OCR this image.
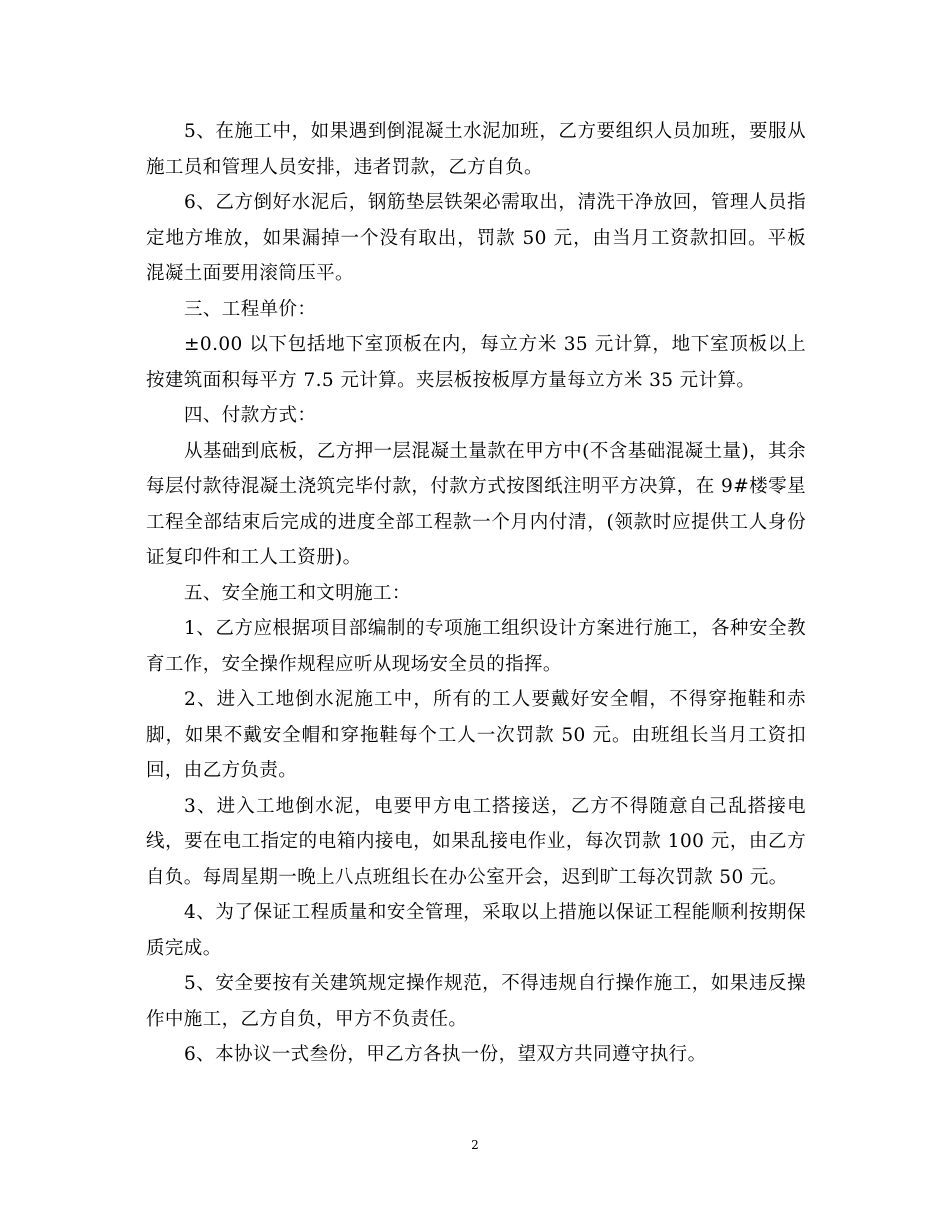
5、在施工中，如果遇到倒混凝土水泥加班，乙方要组织人员加班，要服从施工员和管理人员安排，违者罚款，乙方自负。

6、乙方倒好水泥后，钢筋垫层铁架必需取出，清洗干净放回，管理人员指定地方堆放，如果漏掉一个没有取出，罚款 50 元，由当月工资款扣回。平板混凝土面要用滚筒压平。

三、工程单价：

±0.00 以下包括地下室顶板在内，每立方米 35 元计算，地下室顶板以上按建筑面积每平方 7.5 元计算。夹层板按板厚方量每立方米 35 元计算。

四、付款方式：

从基础到底板，乙方押一层混凝土量款在甲方中(不含基础混凝土量)，其余每层付款待混凝土浇筑完毕付款，付款方式按图纸注明平方决算，在 9#楼零星工程全部结束后完成的进度全部工程款一个月内付清，(领款时应提供工人身份证复印件和工人工资册)。

五、安全施工和文明施工：

1、乙方应根据项目部编制的专项施工组织设计方案进行施工，各种安全教育工作，安全操作规程应听从现场安全员的指挥。

2、进入工地倒水泥施工中，所有的工人要戴好安全帽，不得穿拖鞋和赤脚，如果不戴安全帽和穿拖鞋每个工人一次罚款 50 元。由班组长当月工资扣回，由乙方负责。

3、进入工地倒水泥，电要甲方电工搭接送，乙方不得随意自己乱搭接电线，要在电工指定的电箱内接电，如果乱接电作业，每次罚款 100 元，由乙方自负。每周星期一晚上八点班组长在办公室开会，迟到旷工每次罚款 50 元。

4、为了保证工程质量和安全管理，采取以上措施以保证工程能顺利按期保质完成。

5、安全要按有关建筑规定操作规范，不得违规自行操作施工，如果违反操作中施工，乙方自负，甲方不负责任。

6、本协议一式叁份，甲乙方各执一份，望双方共同遵守执行。

2
